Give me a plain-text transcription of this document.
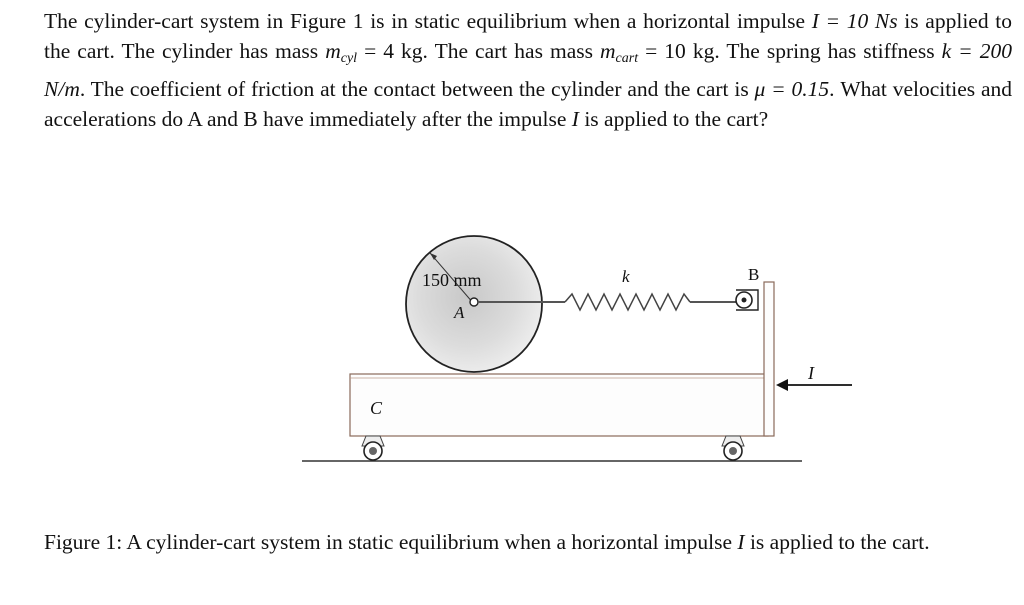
The cylinder-cart system in Figure 1 is in static equilibrium when a horizontal impulse I = 10 Ns is applied to the cart. The cylinder has mass $m_{cyl} = 4$ kg. The cart has mass $m_{cart} = 10$ kg. The spring has stiffness k = 200 N/m. The coefficient of friction at the contact between the cylinder and the cart is μ = 0.15. What velocities and accelerations do A and B have immediately after the impulse I is applied to the cart?

150 mm
A
k	B
C
I

Figure 1: A cylinder-cart system in static equilibrium when a horizontal impulse I is applied to the cart.
